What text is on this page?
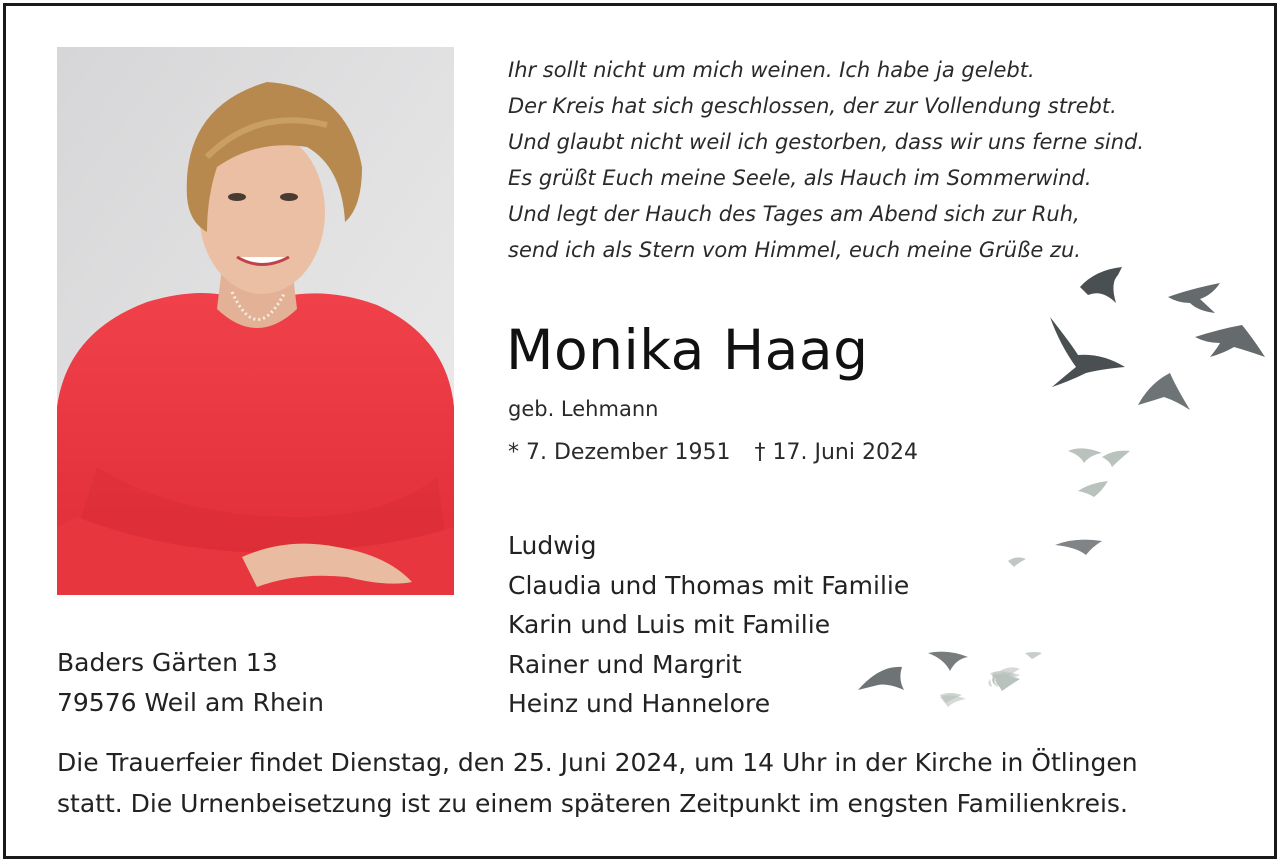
Ihr sollt nicht um mich weinen. Ich habe ja gelebt.
Der Kreis hat sich geschlossen, der zur Vollendung strebt.
Und glaubt nicht weil ich gestorben, dass wir uns ferne sind.
Es grüßt Euch meine Seele, als Hauch im Sommerwind.
Und legt der Hauch des Tages am Abend sich zur Ruh,
send ich als Stern vom Himmel, euch meine Grüße zu.
Monika Haag
geb. Lehmann
* 7. Dezember 1951 † 17. Juni 2024
Ludwig
Claudia und Thomas mit Familie
Karin und Luis mit Familie
Rainer und Margrit
Heinz und Hannelore
Baders Gärten 13
79576 Weil am Rhein
Die Trauerfeier findet Dienstag, den 25. Juni 2024, um 14 Uhr in der Kirche in Ötlingen
statt. Die Urnenbeisetzung ist zu einem späteren Zeitpunkt im engsten Familienkreis.
